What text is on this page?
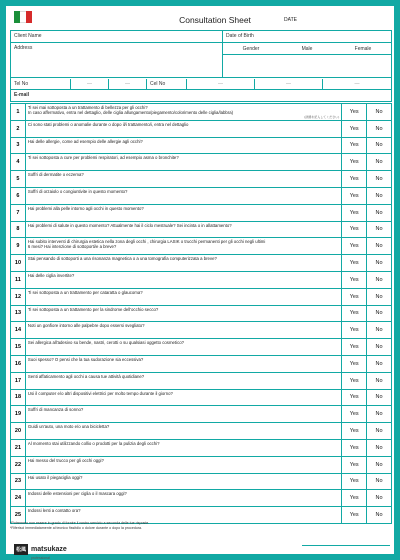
Consultation Sheet	DATE
Client Name	Date of Birth
Address	Gender	Male	Female
Tel No	—	—	Cel No	—	—	—
E-mail
1
Ti sei mai sottoposta a un trattamento di bellezza per gli occhi?
In caso affermativo, entra nel dettaglio, delle ciglia allungamento/piegamento/colorimento delle ciglia/labbra)
(詳細を記入してください)
Yes	No
2
Ci sono stati problemi o anomalie durante o dopo il/i trattamento/i, entra nel dettaglio
Yes	No
3
Hai delle allergie, come ad esempio delle allergie agli occhi?
Yes	No
4
Ti sei sottoposta a cure per problemi respiratori, ad esempio asma o bronchite?
Yes	No
5
Soffri di dermatite o eczema?
Yes	No
6
Soffri di orzaiolo o congiuntivite in questo momento?
Yes	No
7
Hai problemi alla pelle intorno agli occhi in questo momento?
Yes	No
8
Hai problemi di salute in questo momento? Attualmente hai il ciclo mestruale? Sei incinta o in allattamento?
Yes	No
9
Hai subito interventi di chirurgia estetica nella zona degli occhi , chirurgia LASIK o trucchi permanenti per gli occhi negli ultimi
6 mesi? Hai intenzione di sottoporti/e a breve?	Yes	No
10
Stai pensando di sottoporti a una risonanza magnetica o a una tomografia computerizzata a breve?
Yes	No
11
Hai delle ciglia invertite?
Yes	No
12
Ti sei sottoposta a un trattamento per cataratta o glaucoma?
Yes	No
13
Ti sei sottoposta a un trattamento per la sindrome dell'occhio secco?
Yes	No
14
Noti un gonfiore intorno alle palpebre dopo essersi svegliato?
Yes	No
15
Sei allergica all'adesivo su bende, nastri, cerotti o su qualsiasi oggetto cosmetico?
Yes	No
16
Suoi spesso? O pensi che la tua sudorazione sia eccessiva?
Yes	No
17
Senti affaticamento agli occhi a causa tue attività quotidiane?
Yes	No
18
Usi il computer e/o altri dispositivi elettrici per molto tempo durante il giorno?
Yes	No
19
Soffri di mancanza di sonno?
Yes	No
20
Guidi un'auto, una moto e/o una bicicletta?
Yes	No
21
Al momento stai utilizzando collio o prodotti per la pulizia degli occhi?
Yes	No
22
Hai messo del trucco per gli occhi oggi?
Yes	No
23
Hai usato il piegaciglia oggi?
Yes	No
24
Indossi delle estensioni per ciglia o il mascara oggi?
Yes	No
25
Indossi lenti a contatto ora?
Yes	No
*Potremmo non essere in grado di fornire il nostro servizio a seconda delle tue risposte.
*Riferisci immediatamente al tecnico fissitdio o dolore durante o dopo la procedura.
松風 matsukaze
professional
